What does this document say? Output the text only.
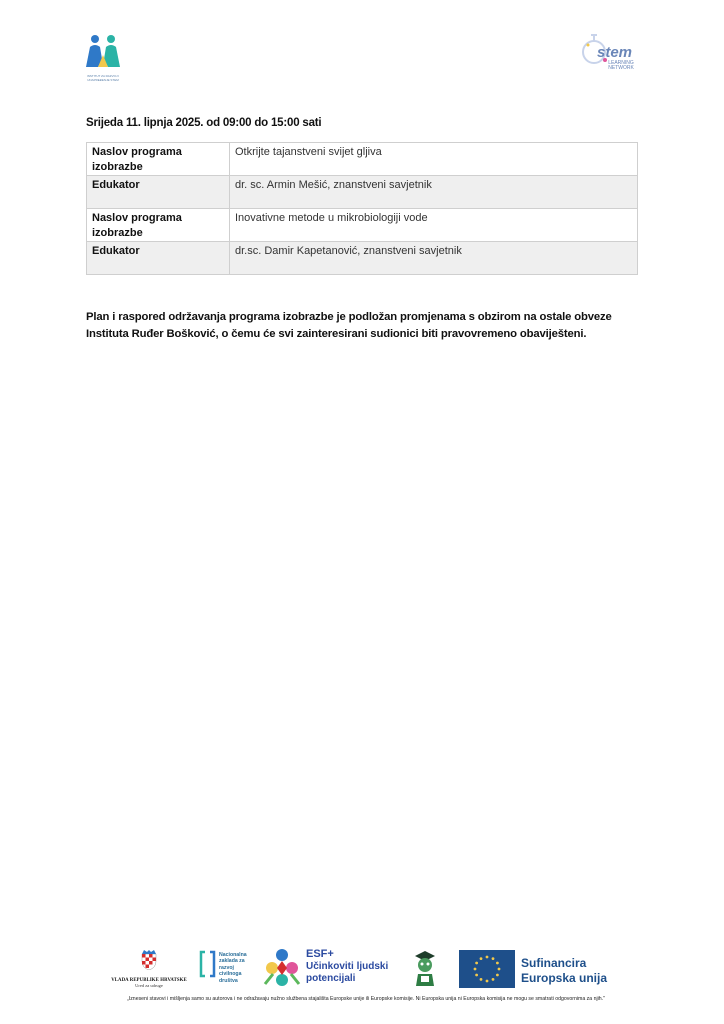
INSTITUT ZA RAZVOJ I UNAPREĐENJE STEM
stem
LEARNING NETWORK
Srijeda 11. lipnja 2025. od 09:00 do 15:00 sati
Naslov programa izobrazbe	Otkrijte tajanstveni svijet gljiva
Edukator	dr. sc. Armin Mešić, znanstveni savjetnik
Naslov programa izobrazbe	Inovativne metode u mikrobiologiji vode
Edukator	dr.sc. Damir Kapetanović, znanstveni savjetnik
Plan i raspored održavanja programa izobrazbe je podložan promjenama s obzirom na ostale obveze Instituta Ruđer Bošković, o čemu će svi zainteresirani sudionici biti pravovremeno obaviješteni.
VLADA REPUBLIKE HRVATSKE
Ured za udruge
Nacionalna
zaklada za
razvoj
civilnoga
društva
ESF+
Učinkoviti ljudski
potencijali
Sufinancira
Europska unija
„Izneseni stavovi i mišljenja samo su autorova i ne odražavaju nužno službena stajališta Europske unije ili Europske komisije. Ni Europska unija ni Europska komisija ne mogu se smatrati odgovornima za njih."
